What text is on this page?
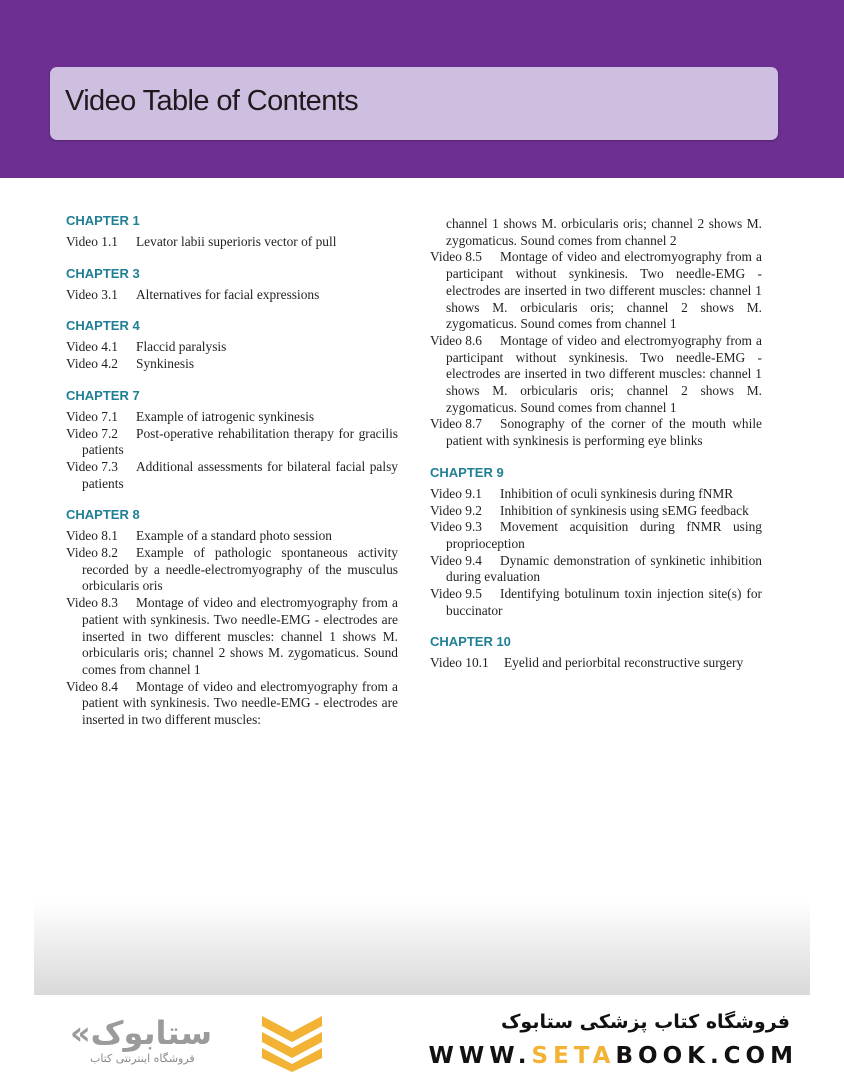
Video Table of Contents
CHAPTER 1
Video 1.1 Levator labii superioris vector of pull
CHAPTER 3
Video 3.1 Alternatives for facial expressions
CHAPTER 4
Video 4.1 Flaccid paralysis
Video 4.2 Synkinesis
CHAPTER 7
Video 7.1 Example of iatrogenic synkinesis
Video 7.2 Post-operative rehabilitation therapy for gracilis patients
Video 7.3 Additional assessments for bilateral facial palsy patients
CHAPTER 8
Video 8.1 Example of a standard photo session
Video 8.2 Example of pathologic spontaneous activity recorded by a needle-electromyography of the musculus orbicularis oris
Video 8.3 Montage of video and electromyography from a patient with synkinesis. Two needle-EMG - electrodes are inserted in two different muscles: channel 1 shows M. orbicularis oris; channel 2 shows M. zygomaticus. Sound comes from channel 1
Video 8.4 Montage of video and electromyography from a patient with synkinesis. Two needle-EMG - electrodes are inserted in two different muscles:
channel 1 shows M. orbicularis oris; channel 2 shows M. zygomaticus. Sound comes from channel 2
Video 8.5 Montage of video and electromyography from a participant without synkinesis. Two needle-EMG - electrodes are inserted in two different muscles: channel 1 shows M. orbicularis oris; channel 2 shows M. zygomaticus. Sound comes from channel 1
Video 8.6 Montage of video and electromyography from a participant without synkinesis. Two needle-EMG - electrodes are inserted in two different muscles: channel 1 shows M. orbicularis oris; channel 2 shows M. zygomaticus. Sound comes from channel 1
Video 8.7 Sonography of the corner of the mouth while patient with synkinesis is performing eye blinks
CHAPTER 9
Video 9.1 Inhibition of oculi synkinesis during fNMR
Video 9.2 Inhibition of synkinesis using sEMG feedback
Video 9.3 Movement acquisition during fNMR using proprioception
Video 9.4 Dynamic demonstration of synkinetic inhibition during evaluation
Video 9.5 Identifying botulinum toxin injection site(s) for buccinator
CHAPTER 10
Video 10.1 Eyelid and periorbital reconstructive surgery
«ستابوک
فروشگاه اینترنتی کتاب
فروشگاه کتاب پزشکی ستابوک
WWW.SETABOOK.COM
